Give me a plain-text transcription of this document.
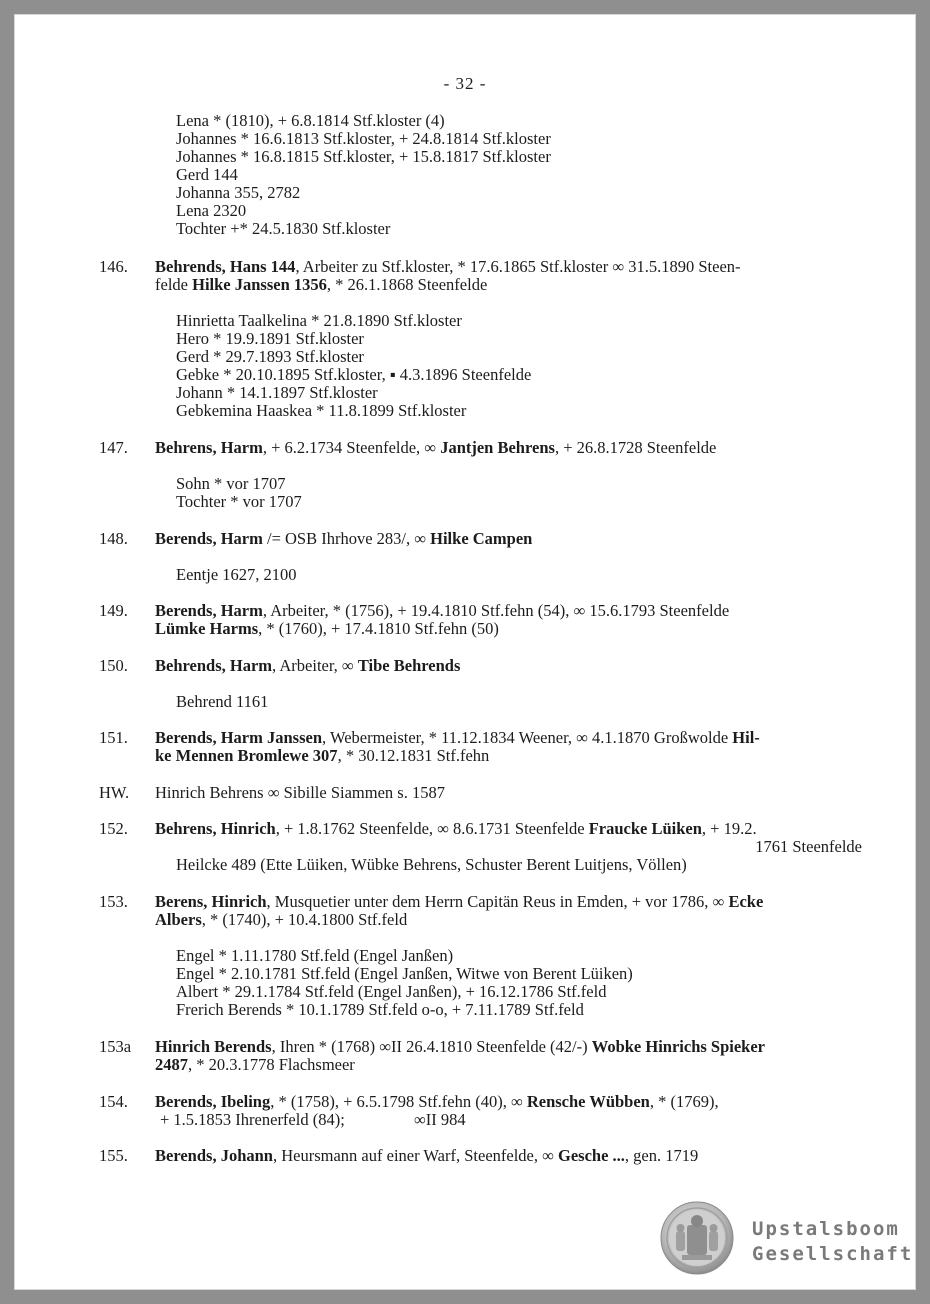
- 32 -
Lena * (1810), + 6.8.1814 Stf.kloster (4)
Johannes * 16.6.1813 Stf.kloster, + 24.8.1814 Stf.kloster
Johannes * 16.8.1815 Stf.kloster, + 15.8.1817 Stf.kloster
Gerd 144
Johanna 355, 2782
Lena 2320
Tochter +* 24.5.1830 Stf.kloster
146. Behrends, Hans 144, Arbeiter zu Stf.kloster, * 17.6.1865 Stf.kloster ∞ 31.5.1890 Steen-
felde Hilke Janssen 1356, * 26.1.1868 Steenfelde
Hinrietta Taalkelina * 21.8.1890 Stf.kloster
Hero * 19.9.1891 Stf.kloster
Gerd * 29.7.1893 Stf.kloster
Gebke * 20.10.1895 Stf.kloster, ▪ 4.3.1896 Steenfelde
Johann * 14.1.1897 Stf.kloster
Gebkemina Haaskea * 11.8.1899 Stf.kloster
147. Behrens, Harm, + 6.2.1734 Steenfelde, ∞ Jantjen Behrens, + 26.8.1728 Steenfelde
Sohn * vor 1707
Tochter * vor 1707
148. Berends, Harm /= OSB Ihrhove 283/, ∞ Hilke Campen
Eentje 1627, 2100
149. Berends, Harm, Arbeiter, * (1756), + 19.4.1810 Stf.fehn (54), ∞ 15.6.1793 Steenfelde
Lümke Harms, * (1760), + 17.4.1810 Stf.fehn (50)
150. Behrends, Harm, Arbeiter, ∞ Tibe Behrends
Behrend 1161
151. Berends, Harm Janssen, Webermeister, * 11.12.1834 Weener, ∞ 4.1.1870 Großwolde Hil-
ke Mennen Bromlewe 307, * 30.12.1831 Stf.fehn
HW. Hinrich Behrens ∞ Sibille Siammen s. 1587
152. Behrens, Hinrich, + 1.8.1762 Steenfelde, ∞ 8.6.1731 Steenfelde Fraucke Lüiken, + 19.2.
1761 Steenfelde
Heilcke 489 (Ette Lüiken, Wübke Behrens, Schuster Berent Luitjens, Völlen)
153. Berens, Hinrich, Musquetier unter dem Herrn Capitän Reus in Emden, + vor 1786, ∞ Ecke
Albers, * (1740), + 10.4.1800 Stf.feld
Engel * 1.11.1780 Stf.feld (Engel Janßen)
Engel * 2.10.1781 Stf.feld (Engel Janßen, Witwe von Berent Lüiken)
Albert * 29.1.1784 Stf.feld (Engel Janßen), + 16.12.1786 Stf.feld
Frerich Berends * 10.1.1789 Stf.feld o-o, + 7.11.1789 Stf.feld
153a Hinrich Berends, Ihren * (1768) ∞II 26.4.1810 Steenfelde (42/-) Wobke Hinrichs Spieker
2487, * 20.3.1778 Flachsmeer
154. Berends, Ibeling, * (1758), + 6.5.1798 Stf.fehn (40), ∞ Rensche Wübben, * (1769),
+ 1.5.1853 Ihrenerfeld (84);	∞II 984
155. Berends, Johann, Heursmann auf einer Warf, Steenfelde, ∞ Gesche ..., gen. 1719
Upstalsboom
Gesellschaft
